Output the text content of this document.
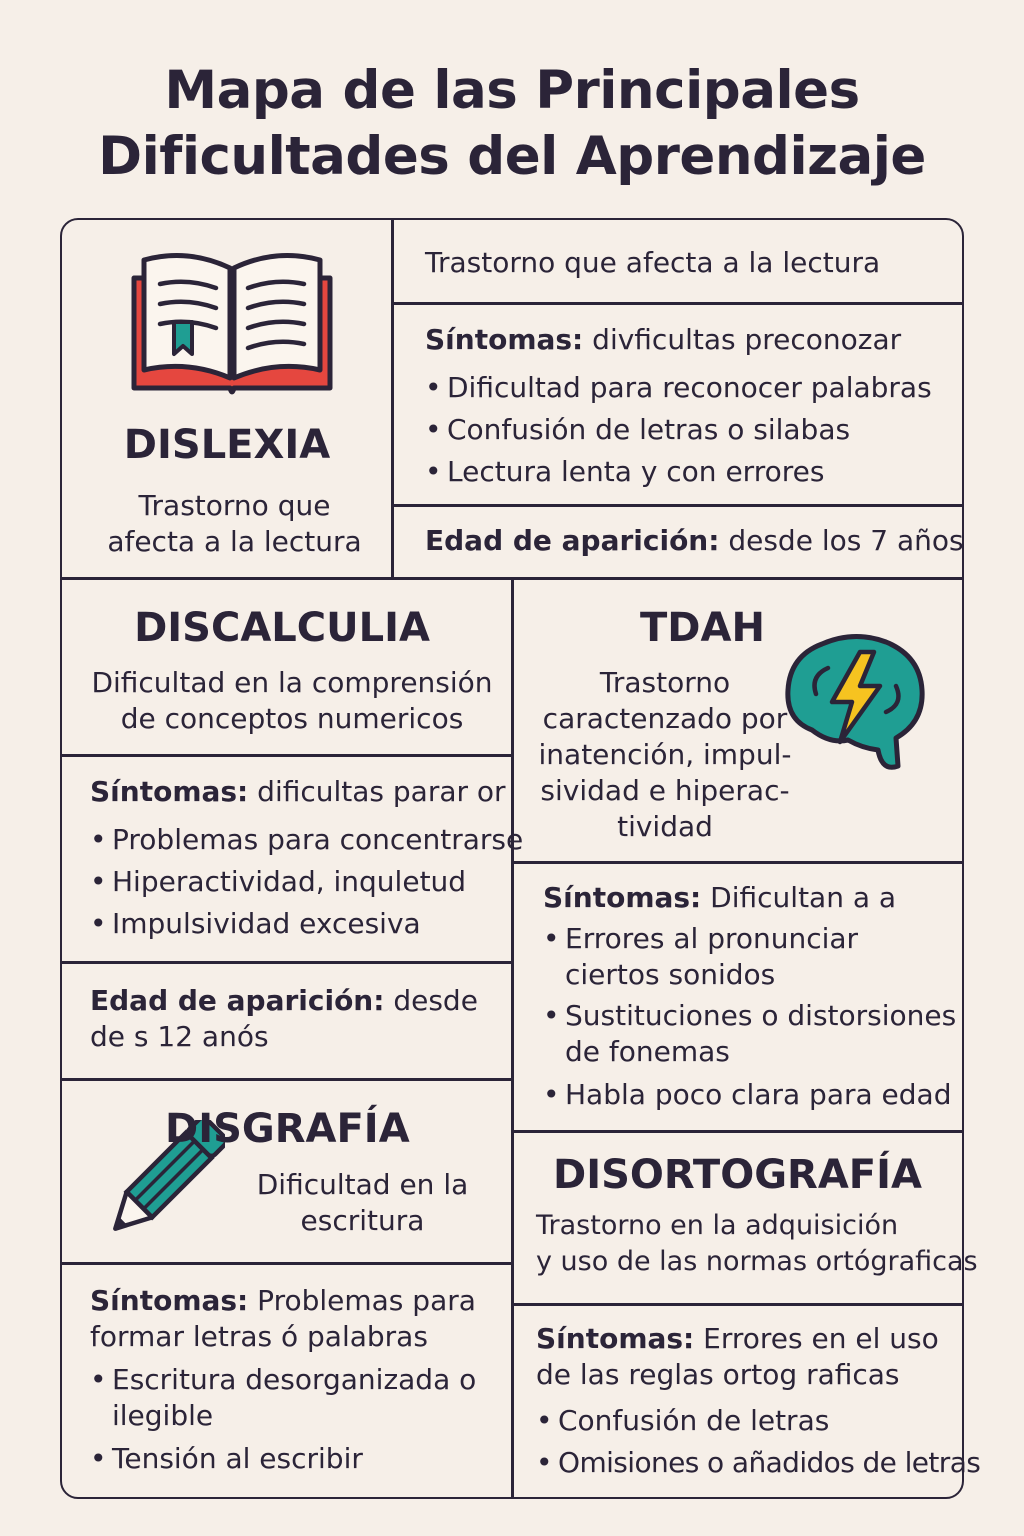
Mapa de las Principales
Dificultades del Aprendizaje
DISLEXIA
Trastorno que
afecta a la lectura
Trastorno que afecta a la lectura
Síntomas: divficultas preconozar
• Dificultad para reconocer palabras
• Confusión de letras o silabas
• Lectura lenta y con errores
Edad de aparición: desde los 7 años
DISCALCULIA
Dificultad en la comprensión
de conceptos numericos
Síntomas: dificultas parar or
• Problemas para concentrarse
• Hiperactividad, inquletud
• Impulsividad excesiva
Edad de aparición: desde
de s 12 anós
TDAH
Trastorno
caractenzado por
inatención, impul-
sividad e hiperac-
tividad
Síntomas: Dificultan a a
• Errores al pronunciar
ciertos sonidos
• Sustituciones o distorsiones
de fonemas
• Habla poco clara para edad
DISGRAFÍA
Dificultad en la
escritura
Síntomas: Problemas para
formar letras ó palabras
• Escritura desorganizada o
ilegible
• Tensión al escribir
DISORTOGRAFÍA
Trastorno en la adquisición
y uso de las normas ortógraficas
Síntomas: Errores en el uso
de las reglas ortog raficas
• Confusión de letras
• Omisiones o añadidos de letras
